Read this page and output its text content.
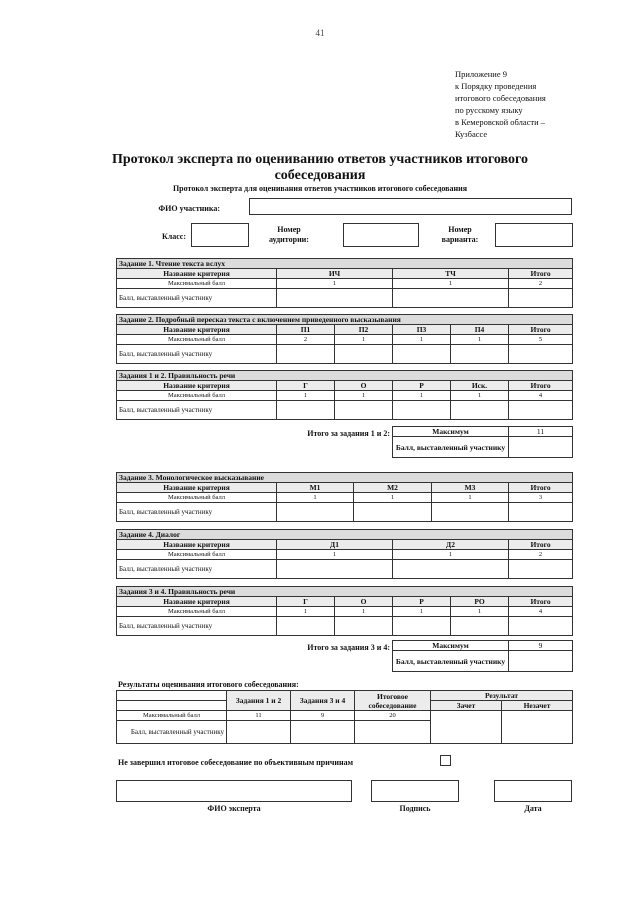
41
Приложение 9
к Порядку проведения
итогового собеседования
по русскому языку
в Кемеровской области –
Кузбассе
Протокол эксперта по оцениванию ответов участников итогового собеседования
Протокол эксперта для оценивания ответов участников итогового собеседования
ФИО участника:
Класс:
Номер аудитории:
Номер варианта:
Задание 1. Чтение текста вслух			
Название критерия	ИЧ	ТЧ	Итого
Максимальный балл	1	1	2
Балл, выставленный участнику			
Задание 2. Подробный пересказ текста с включением приведенного высказывания					
Название критерия	П1	П2	П3	П4	Итого
Максимальный балл	2	1	1	1	5
Балл, выставленный участнику					
Задания 1 и 2. Правильность речи					
Название критерия	Г	О	Р	Иск.	Итого
Максимальный балл	1	1	1	1	4
Балл, выставленный участнику					
Итого за задания 1 и 2:	Максимум	11
Балл, выставленный участнику	
Задание 3. Монологическое высказывание				
Название критерия	М1	М2	М3	Итого
Максимальный балл	1	1	1	3
Балл, выставленный участнику				
Задание 4. Диалог			
Название критерия	Д1	Д2	Итого
Максимальный балл	1	1	2
Балл, выставленный участнику			
Задания 3 и 4. Правильность речи					
Название критерия	Г	О	Р	РО	Итого
Максимальный балл	1	1	1	1	4
Балл, выставленный участнику					
Итого за задания 3 и 4:	Максимум	9
Балл, выставленный участнику	
Результаты оценивания итогового собеседования:
	Задания 1 и 2	Задания 3 и 4	Итоговое собеседование	Результат	
				Зачет	Незачет
Максимальный балл	11	9	20		
Балл, выставленный участнику					
Не завершил итоговое собеседование по объективным причинам
ФИО эксперта	Подпись	Дата
